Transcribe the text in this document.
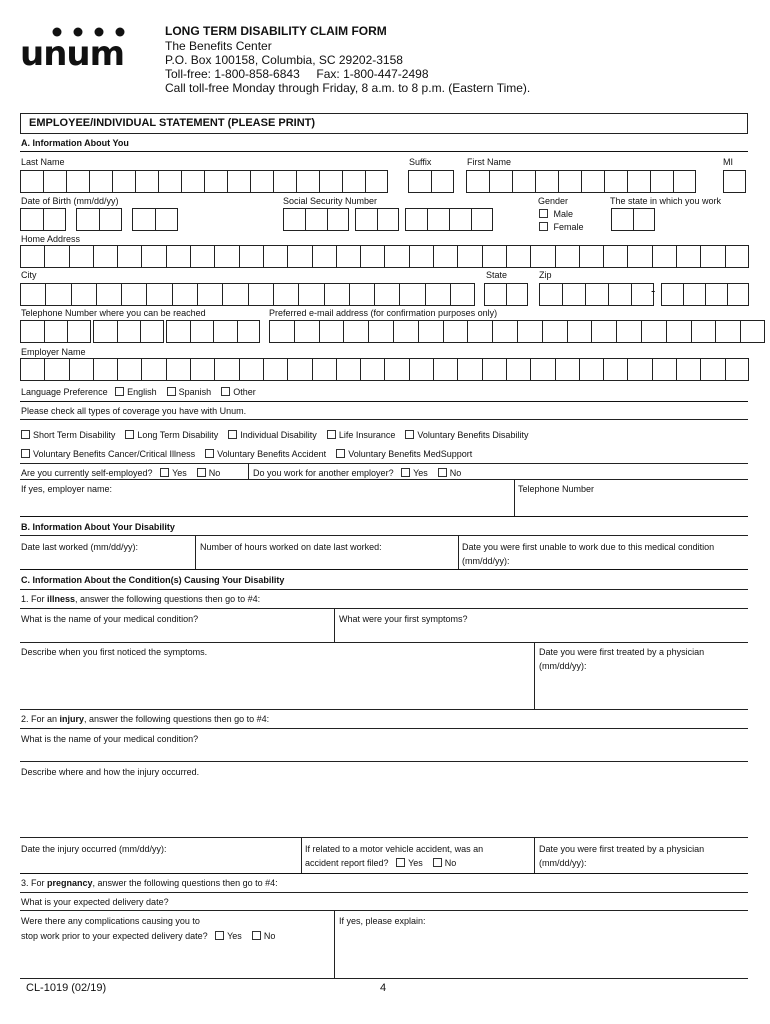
unum
LONG TERM DISABILITY CLAIM FORM
The Benefits Center
P.O. Box 100158, Columbia, SC 29202-3158
Toll-free: 1-800-858-6843     Fax: 1-800-447-2498
Call toll-free Monday through Friday, 8 a.m. to 8 p.m. (Eastern Time).
EMPLOYEE/INDIVIDUAL STATEMENT (PLEASE PRINT)
A. Information About You
Last Name	Suffix	First Name	MI
Date of Birth (mm/dd/yy)	Social Security Number	Gender	The state in which you work
Male
Female
Home Address
City	State	Zip
-
Telephone Number where you can be reached	Preferred e-mail address (for confirmation purposes only)
Employer Name
Language Preference English Spanish Other
Please check all types of coverage you have with Unum.
Short Term Disability Long Term Disability Individual Disability Life Insurance Voluntary Benefits Disability
Voluntary Benefits Cancer/Critical Illness Voluntary Benefits Accident Voluntary Benefits MedSupport
Are you currently self-employed? Yes No	Do you work for another employer? Yes No
If yes, employer name:	Telephone Number
B. Information About Your Disability
Date last worked (mm/dd/yy):	Number of hours worked on date last worked:	Date you were first unable to work due to this medical condition
(mm/dd/yy):
C. Information About the Condition(s) Causing Your Disability
1. For illness, answer the following questions then go to #4:
What is the name of your medical condition?	What were your first symptoms?
Describe when you first noticed the symptoms.	Date you were first treated by a physician
(mm/dd/yy):
2. For an injury, answer the following questions then go to #4:
What is the name of your medical condition?
Describe where and how the injury occurred.
Date the injury occurred (mm/dd/yy):	If related to a motor vehicle accident, was an
accident report filed? Yes No
Date you were first treated by a physician
(mm/dd/yy):
3. For pregnancy, answer the following questions then go to #4:
What is your expected delivery date?
Were there any complications causing you to
stop work prior to your expected delivery date? Yes No
If yes, please explain:
CL-1019 (02/19)	4
